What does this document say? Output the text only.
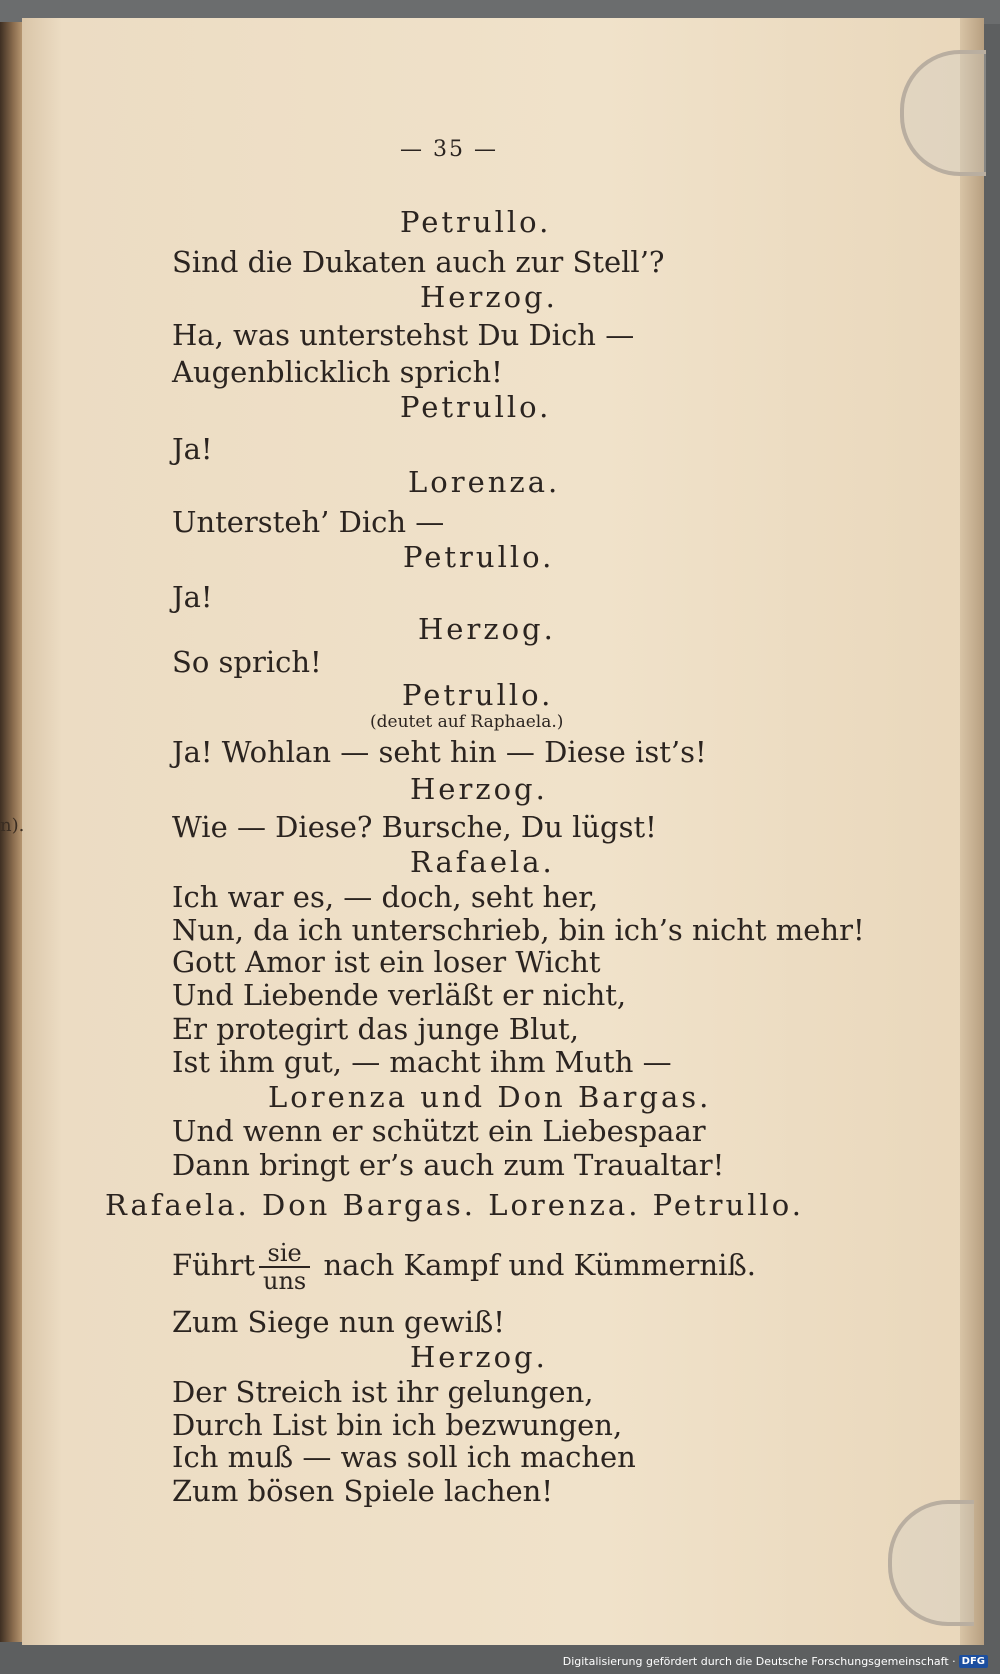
n).
— 35 —
Petrullo.
Sind die Dukaten auch zur Stell’?
Herzog.
Ha, was unterstehst Du Dich —
Augenblicklich sprich!
Petrullo.
Ja!
Lorenza.
Untersteh’ Dich —
Petrullo.
Ja!
Herzog.
So sprich!
Petrullo.
(deutet auf Raphaela.)
Ja! Wohlan — seht hin — Diese ist’s!
Herzog.
Wie — Diese? Bursche, Du lügst!
Rafaela.
Ich war es, — doch, seht her,
Nun, da ich unterschrieb, bin ich’s nicht mehr!
Gott Amor ist ein loser Wicht
Und Liebende verläßt er nicht,
Er protegirt das junge Blut,
Ist ihm gut, — macht ihm Muth —
Lorenza und Don Bargas.
Und wenn er schützt ein Liebespaar
Dann bringt er’s auch zum Traualtar!
Rafaela. Don Bargas. Lorenza. Petrullo.
Führt $\frac{\text{sie}}{\text{uns}}$ nach Kampf und Kümmerniß.
Zum Siege nun gewiß!
Herzog.
Der Streich ist ihr gelungen,
Durch List bin ich bezwungen,
Ich muß — was soll ich machen
Zum bösen Spiele lachen!
Digitalisierung gefördert durch die Deutsche Forschungsgemeinschaft · DFG
